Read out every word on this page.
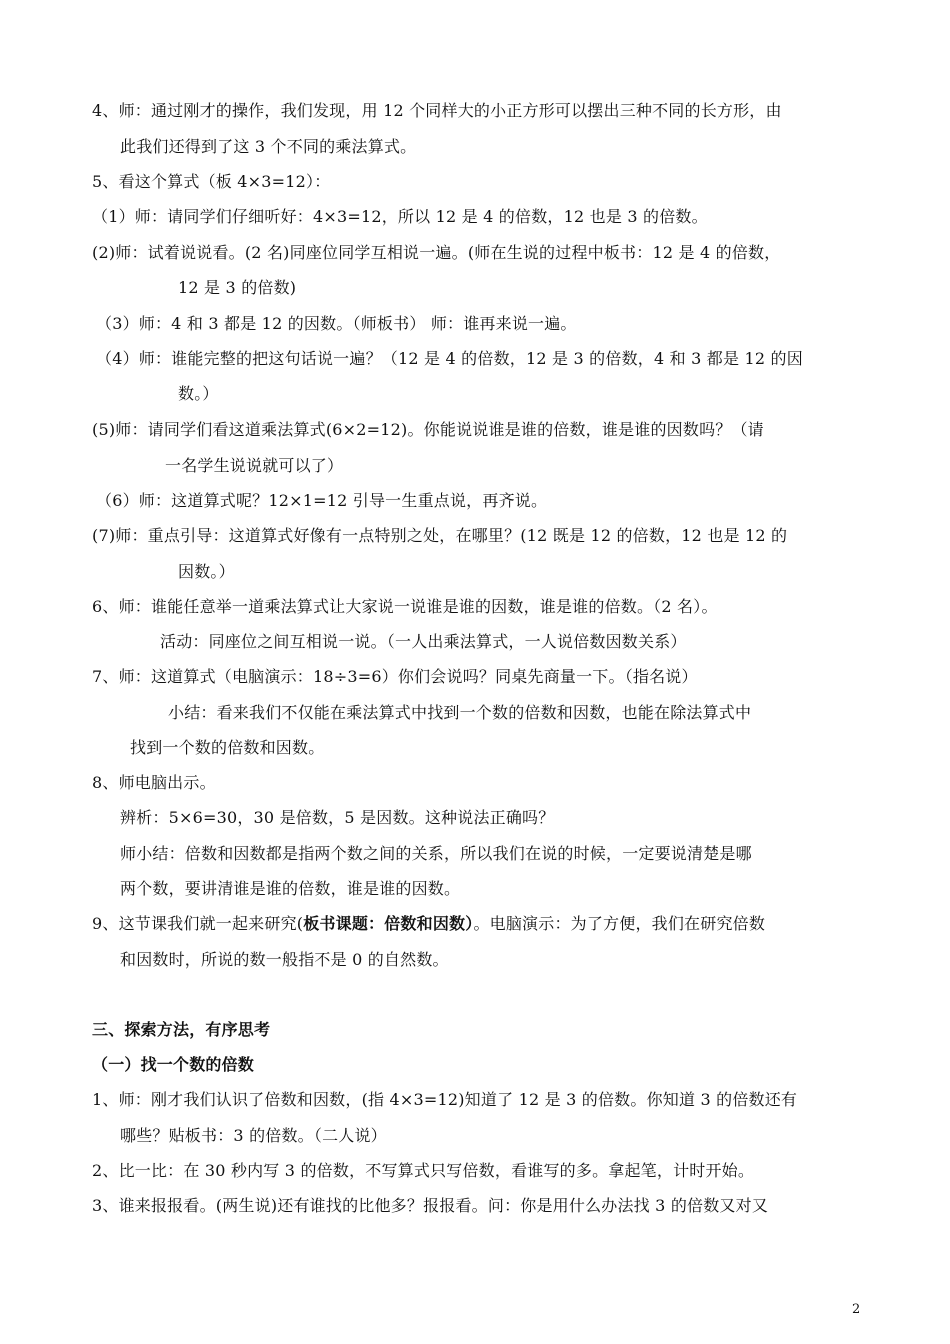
4、师：通过刚才的操作，我们发现，用 12 个同样大的小正方形可以摆出三种不同的长方形，由
此我们还得到了这 3 个不同的乘法算式。
5、看这个算式（板 4×3=12）：
（1）师：请同学们仔细听好：4×3=12，所以 12 是 4 的倍数，12 也是 3 的倍数。
(2)师：试着说说看。(2 名)同座位同学互相说一遍。(师在生说的过程中板书：12 是 4 的倍数，
12 是 3 的倍数)
（3）师：4 和 3 都是 12 的因数。（师板书） 师：谁再来说一遍。
（4）师：谁能完整的把这句话说一遍？（12 是 4 的倍数，12 是 3 的倍数，4 和 3 都是 12 的因
数。）
(5)师：请同学们看这道乘法算式(6×2=12)。你能说说谁是谁的倍数，谁是谁的因数吗？（请
一名学生说说就可以了）
（6）师：这道算式呢？12×1=12 引导一生重点说，再齐说。
(7)师：重点引导：这道算式好像有一点特别之处，在哪里？(12 既是 12 的倍数，12 也是 12 的
因数。）
6、师：谁能任意举一道乘法算式让大家说一说谁是谁的因数，谁是谁的倍数。（2 名）。
活动：同座位之间互相说一说。（一人出乘法算式，一人说倍数因数关系）
7、师：这道算式（电脑演示：18÷3=6）你们会说吗？同桌先商量一下。（指名说）
小结：看来我们不仅能在乘法算式中找到一个数的倍数和因数，也能在除法算式中
找到一个数的倍数和因数。
8、师电脑出示。
辨析：5×6=30，30 是倍数，5 是因数。这种说法正确吗？
师小结：倍数和因数都是指两个数之间的关系，所以我们在说的时候，一定要说清楚是哪
两个数，要讲清谁是谁的倍数，谁是谁的因数。
9、这节课我们就一起来研究(板书课题：倍数和因数）。电脑演示：为了方便，我们在研究倍数
和因数时，所说的数一般指不是 0 的自然数。
三、探索方法，有序思考
（一）找一个数的倍数
1、师：刚才我们认识了倍数和因数，(指 4×3=12)知道了 12 是 3 的倍数。你知道 3 的倍数还有
哪些？贴板书：3 的倍数。（二人说）
2、比一比：在 30 秒内写 3 的倍数，不写算式只写倍数，看谁写的多。拿起笔，计时开始。
3、谁来报报看。(两生说)还有谁找的比他多？报报看。问：你是用什么办法找 3 的倍数又对又
2
